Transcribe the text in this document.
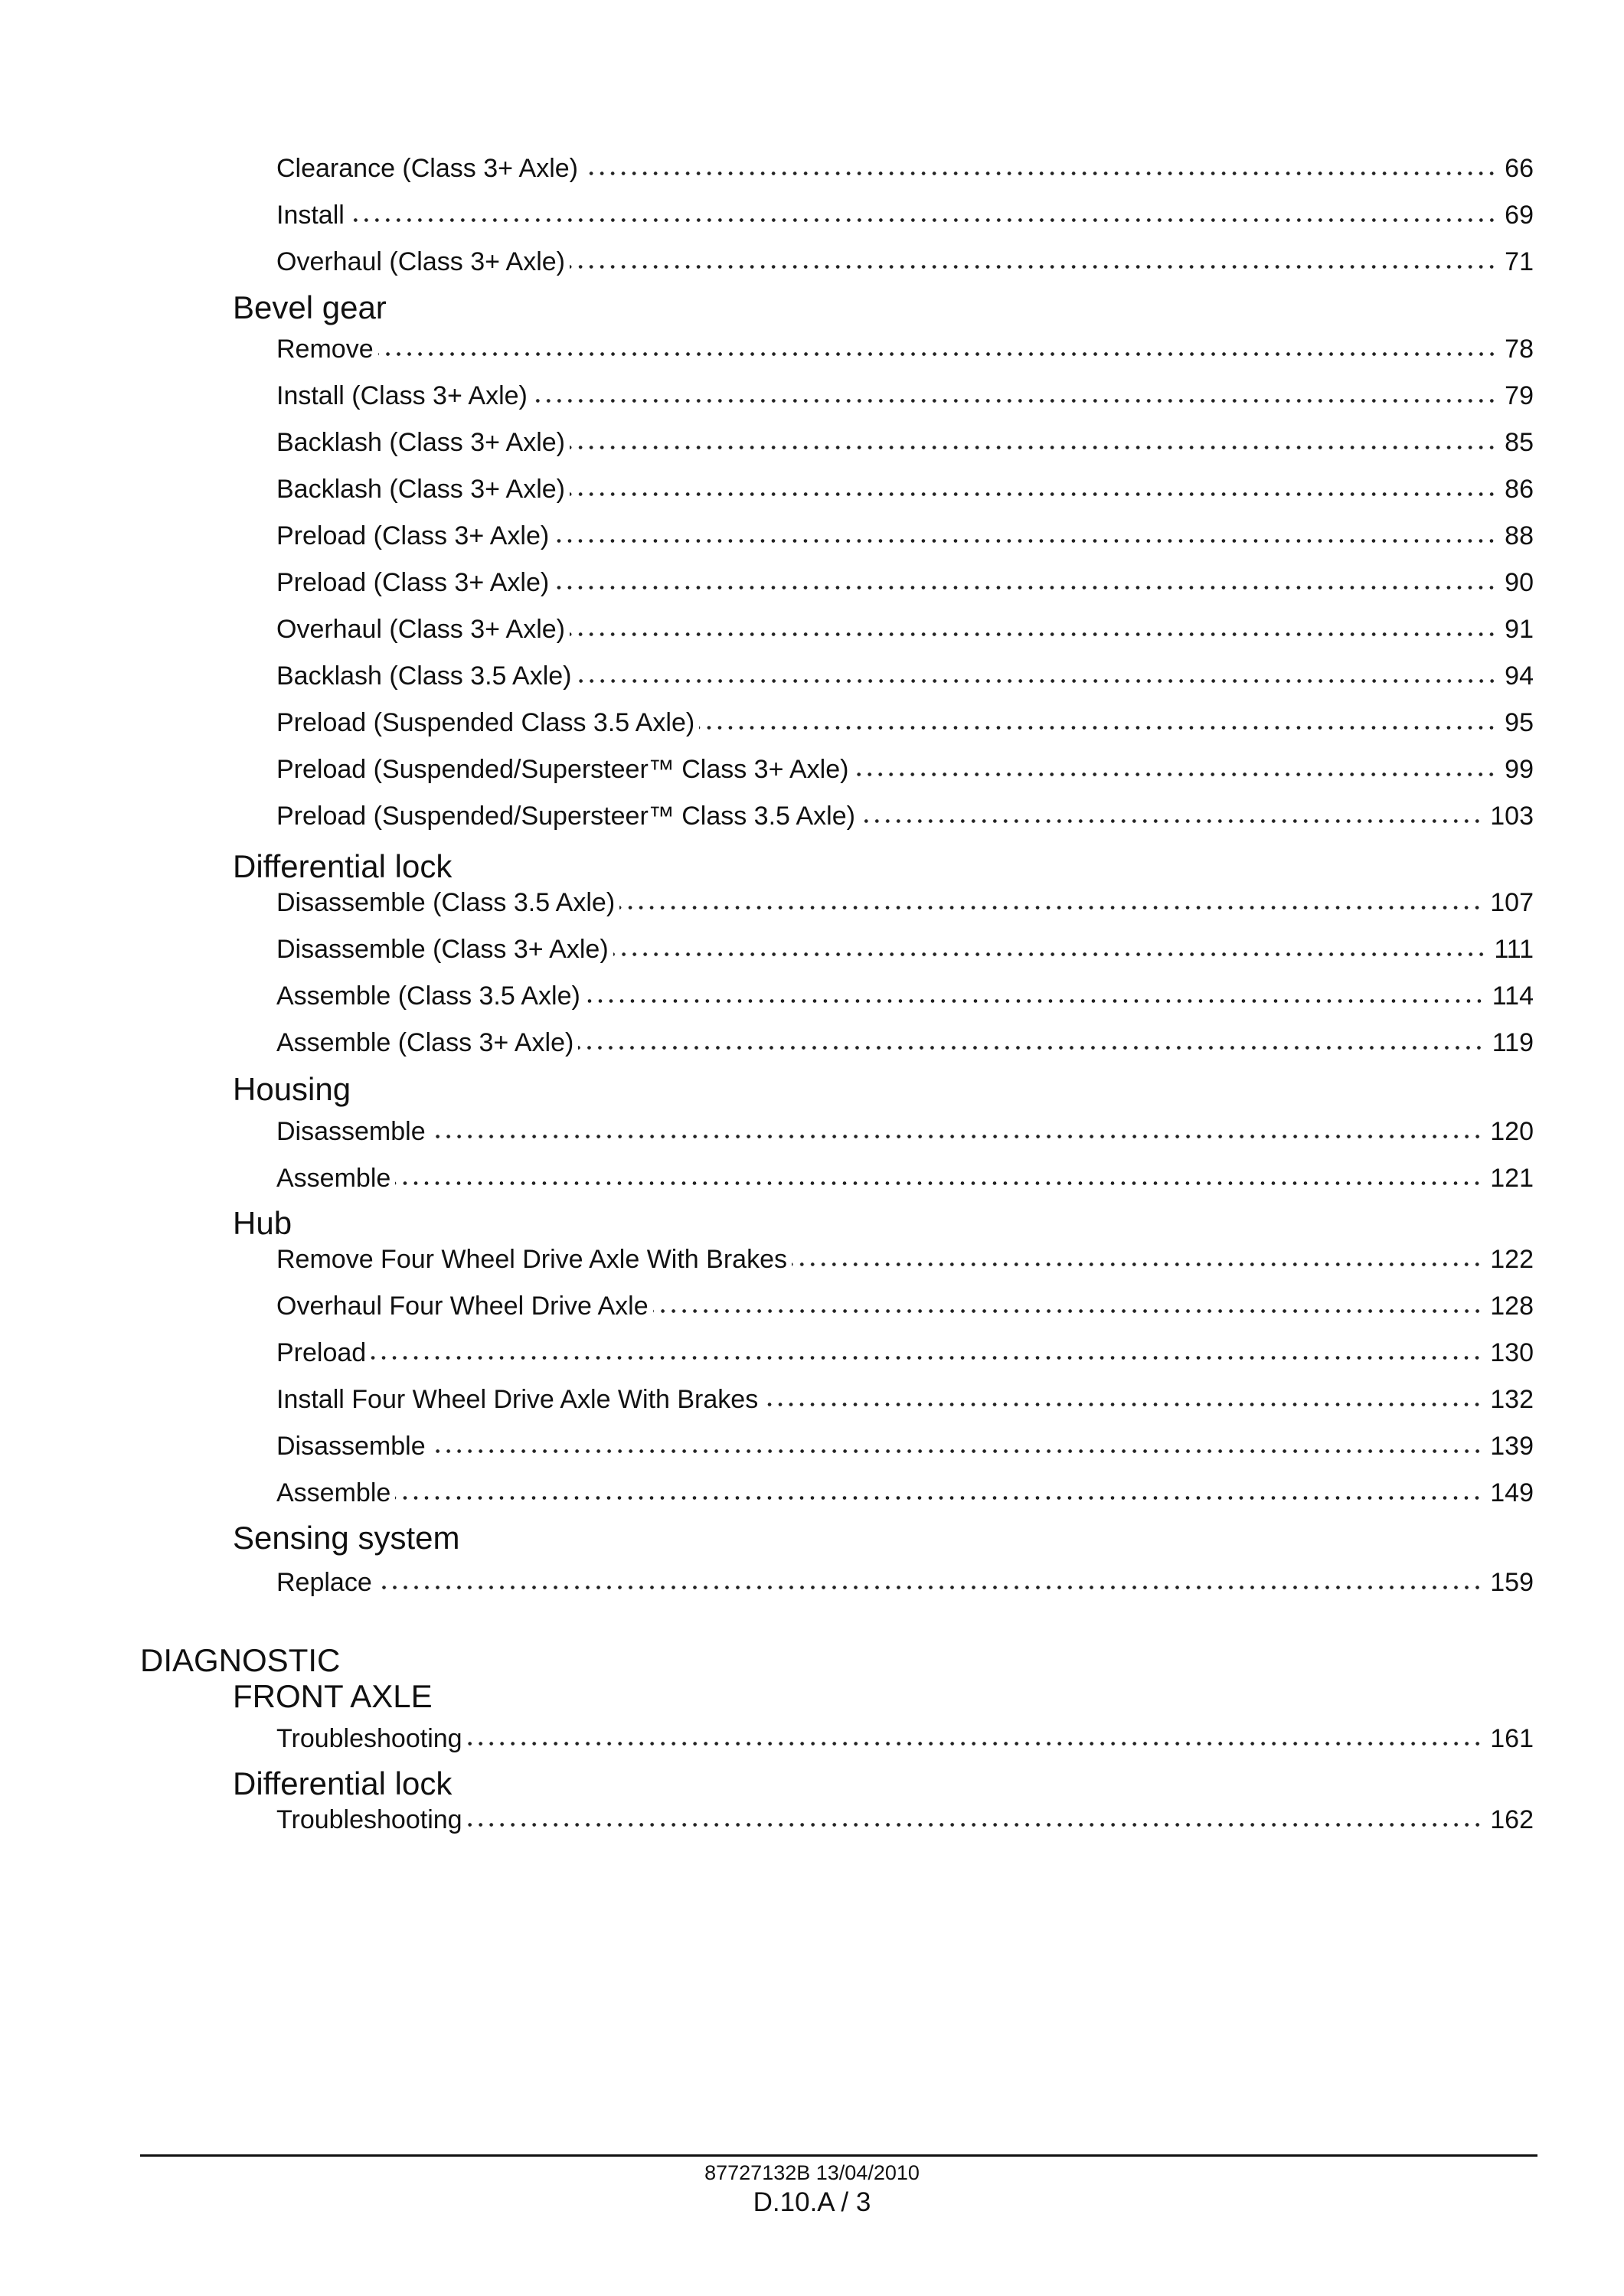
Clearance (Class 3+ Axle)	66
Install	69
Overhaul (Class 3+ Axle)	71
Bevel gear
Remove	78
Install (Class 3+ Axle)	79
Backlash (Class 3+ Axle)	85
Backlash (Class 3+ Axle)	86
Preload (Class 3+ Axle)	88
Preload (Class 3+ Axle)	90
Overhaul (Class 3+ Axle)	91
Backlash (Class 3.5 Axle)	94
Preload (Suspended Class 3.5 Axle)	95
Preload (Suspended/Supersteer™ Class 3+ Axle)	99
Preload (Suspended/Supersteer™ Class 3.5 Axle)	103
Differential lock
Disassemble (Class 3.5 Axle)	107
Disassemble (Class 3+ Axle)	111
Assemble (Class 3.5 Axle)	114
Assemble (Class 3+ Axle)	119
Housing
Disassemble	120
Assemble	121
Hub
Remove Four Wheel Drive Axle With Brakes	122
Overhaul Four Wheel Drive Axle	128
Preload	130
Install Four Wheel Drive Axle With Brakes	132
Disassemble	139
Assemble	149
Sensing system
Replace	159
DIAGNOSTIC
FRONT AXLE
Troubleshooting	161
Differential lock
Troubleshooting	162
87727132B 13/04/2010
D.10.A / 3
